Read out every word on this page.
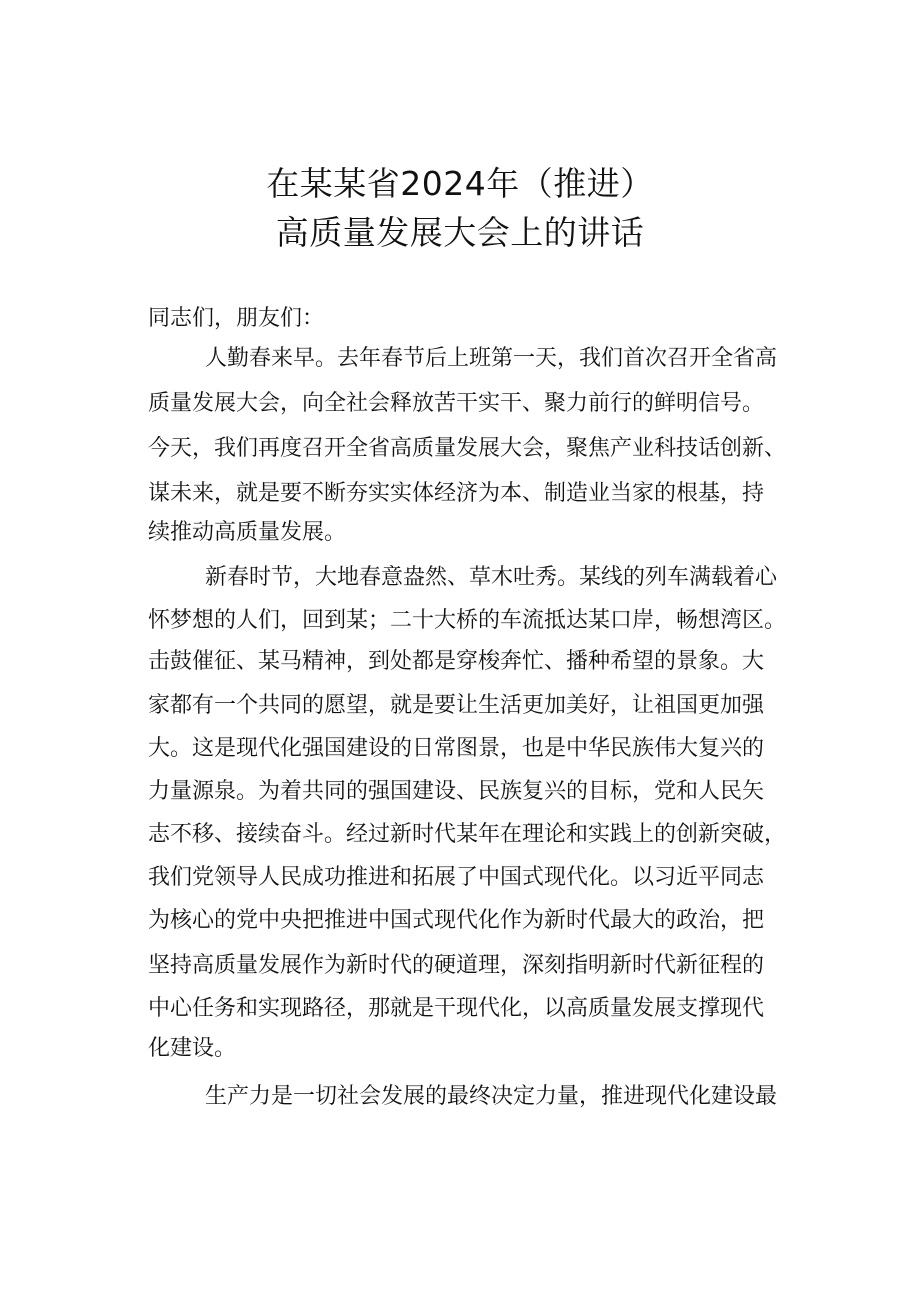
在某某省2024年（推进）
高质量发展大会上的讲话
同志们，朋友们：
人勤春来早。去年春节后上班第一天，我们首次召开全省高
质量发展大会，向全社会释放苦干实干、聚力前行的鲜明信号。
今天，我们再度召开全省高质量发展大会，聚焦产业科技话创新、
谋未来，就是要不断夯实实体经济为本、制造业当家的根基，持
续推动高质量发展。
新春时节，大地春意盎然、草木吐秀。某线的列车满载着心
怀梦想的人们，回到某；二十大桥的车流抵达某口岸，畅想湾区。
击鼓催征、某马精神，到处都是穿梭奔忙、播种希望的景象。大
家都有一个共同的愿望，就是要让生活更加美好，让祖国更加强
大。这是现代化强国建设的日常图景，也是中华民族伟大复兴的
力量源泉。为着共同的强国建设、民族复兴的目标，党和人民矢
志不移、接续奋斗。经过新时代某年在理论和实践上的创新突破，
我们党领导人民成功推进和拓展了中国式现代化。以习近平同志
为核心的党中央把推进中国式现代化作为新时代最大的政治，把
坚持高质量发展作为新时代的硬道理，深刻指明新时代新征程的
中心任务和实现路径，那就是干现代化，以高质量发展支撑现代
化建设。
生产力是一切社会发展的最终决定力量，推进现代化建设最
